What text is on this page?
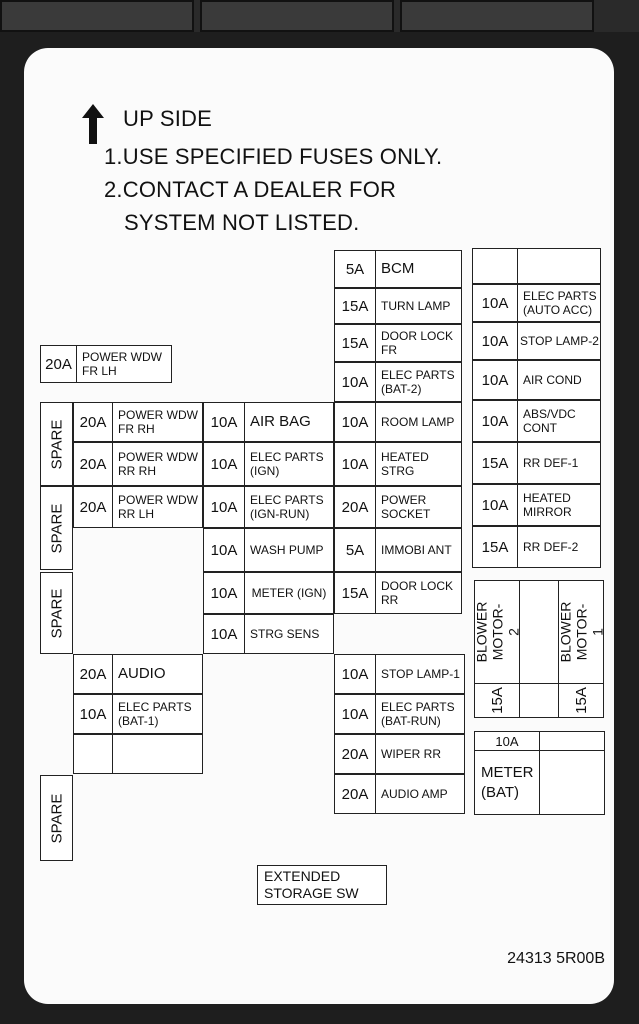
UP SIDE
1.USE SPECIFIED FUSES ONLY.
2.CONTACT A DEALER FOR
SYSTEM NOT LISTED.
20A POWER WDW FR LH
SPARE
SPARE
SPARE
SPARE
20A POWER WDW FR RH
20A POWER WDW RR RH
20A POWER WDW RR LH
10A AIR BAG
10A	ELEC PARTS (IGN)
10A	ELEC PARTS (IGN-RUN)
10A	WASH PUMP
10A	METER (IGN)
10A	STRG SENS
20A AUDIO
10A ELEC PARTS (BAT-1)
5A	BCM
15A	TURN LAMP
15A	DOOR LOCK FR
10A	ELEC PARTS (BAT-2)
10A	ROOM LAMP
10A	HEATED STRG
20A	POWER SOCKET
5A	IMMOBI ANT
15A	DOOR LOCK RR
10A	STOP LAMP-1
10A	ELEC PARTS (BAT-RUN)
20A	WIPER RR
20A	AUDIO AMP
10A	ELEC PARTS (AUTO ACC)
10A STOP LAMP-2
10A	AIR COND
10A	ABS/VDC CONT
15A	RR DEF-1
10A	HEATED MIRROR
15A	RR DEF-2
BLOWER MOTOR-2
15A
BLOWER MOTOR-1
15A
10A
METER (BAT)
EXTENDED STORAGE SW
24313 5R00B
